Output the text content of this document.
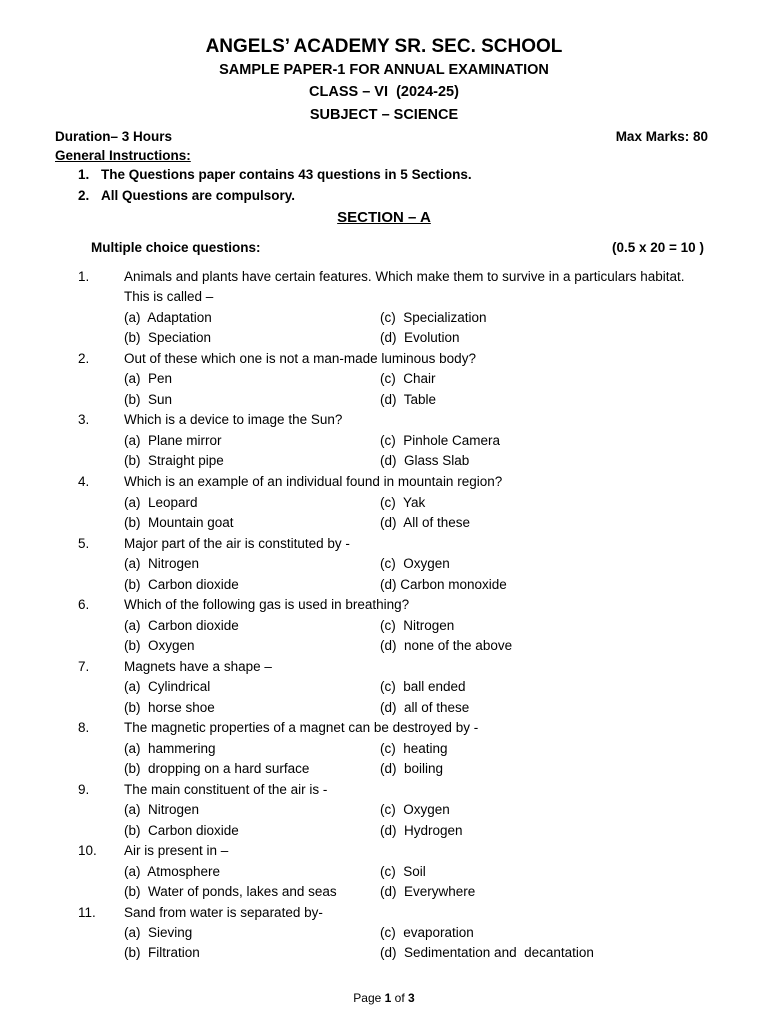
ANGELS’ ACADEMY SR. SEC. SCHOOL
SAMPLE PAPER-1 FOR ANNUAL EXAMINATION
CLASS – VI  (2024-25)
SUBJECT – SCIENCE
Duration– 3 Hours	Max Marks: 80
General Instructions:
1. The Questions paper contains 43 questions in 5 Sections.
2. All Questions are compulsory.
SECTION – A
Multiple choice questions:	(0.5 x 20 = 10 )
1.	Animals and plants have certain features. Which make them to survive in a particulars habitat.
This is called –
(a)  Adaptation	(c)  Specialization
(b)  Speciation	(d)  Evolution
2.	Out of these which one is not a man-made luminous body?
(a)  Pen	(c)  Chair
(b)  Sun	(d)  Table
3.	Which is a device to image the Sun?
(a)  Plane mirror	(c)  Pinhole Camera
(b)  Straight pipe	(d)  Glass Slab
4.	Which is an example of an individual found in mountain region?
(a)  Leopard	(c)  Yak
(b)  Mountain goat	(d)  All of these
5.	Major part of the air is constituted by -
(a)  Nitrogen	(c)  Oxygen
(b)  Carbon dioxide	(d) Carbon monoxide
6.	Which of the following gas is used in breathing?
(a)  Carbon dioxide	(c)  Nitrogen
(b)  Oxygen	(d)  none of the above
7.	Magnets have a shape –
(a)  Cylindrical	(c)  ball ended
(b)  horse shoe	(d)  all of these
8.	The magnetic properties of a magnet can be destroyed by -
(a)  hammering	(c)  heating
(b)  dropping on a hard surface	(d)  boiling
9.	The main constituent of the air is -
(a)  Nitrogen	(c)  Oxygen
(b)  Carbon dioxide	(d)  Hydrogen
10. Air is present in –
(a)  Atmosphere	(c)  Soil
(b)  Water of ponds, lakes and seas	(d)  Everywhere
11. Sand from water is separated by-
(a)  Sieving	(c)  evaporation
(b)  Filtration	(d)  Sedimentation and  decantation
Page 1 of 3
